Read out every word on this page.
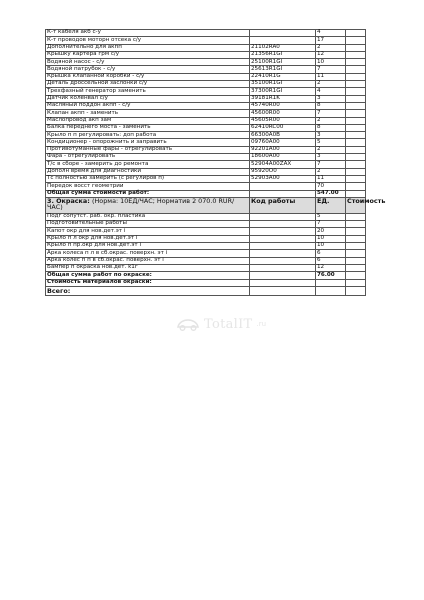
К-т кабеля акб с-у		4	
К-т проводов моторн отсека с/у		17	
Дополнительно для акпп	21102RA0	2	
Крышку картера грм с/у	21356R1GI	12	
Водяной насос - с/у	25100R1GI	10	
Водяной патрубок - с/у	25613R1GI	7	
Крышка клапанной коробки - с/у	22410R1G	11	
Деталь дроссельной заслонки с/у	35100R1GI	2	
Трехфазный генератор заменить	37300R1GI	4	
Датчик коленвал с/у	39181R1K	3	
Масляный поддон акпп - с/у	45740R00	8	
Клапан акпп - заменить	45600R00	7	
Маслопровод акп зам	45605R00	2	
Балка переднего моста - заменить	62410RC00	8	
Крыло п п регулировать: доп работа	66300A0B	3	
Кондиционер - опорожнить и заправить	09760A00	5	
Противотуманные фары - отрегулировать	92201A00	2	
Фара - отрегулировать	18600A00	3	
Т/с в сборе - замерить до ремонта	52904A00ZAX	7	
Дополн время для диагностики	95920O0	2	
Тс полностью замерить (с регулиров п)	52903A00	11	
Передок восст геометрии		70	
Общая сумма стоимости работ:		547.00	
3. Окраска: (Норма: 10ЕД/ЧАС; Норматив 2 070.0 RUR/ЧАС)	Код работы	ЕД.	Стоимость
Подг сопутст. раб. окр. пластика		5	
Подготовительные работы		7	
Капот окр для нов.дет.эт i		20	
Крыло п л окр для нов.дет.эт i		10	
Крыло п пр.окр для нов.дет.эт i		10	
Арка колеса п л в сб.окрас. поверхн. эт i		6	
Арка колес п п в сб.окрас. поверхн. эт i		6	
Бампер п окраска нов.дет. k1г		12	
Общая сумма работ по окраске:		76.00	
Стоимость материалов окраски:			
Всего:			
TotalIT .ru
